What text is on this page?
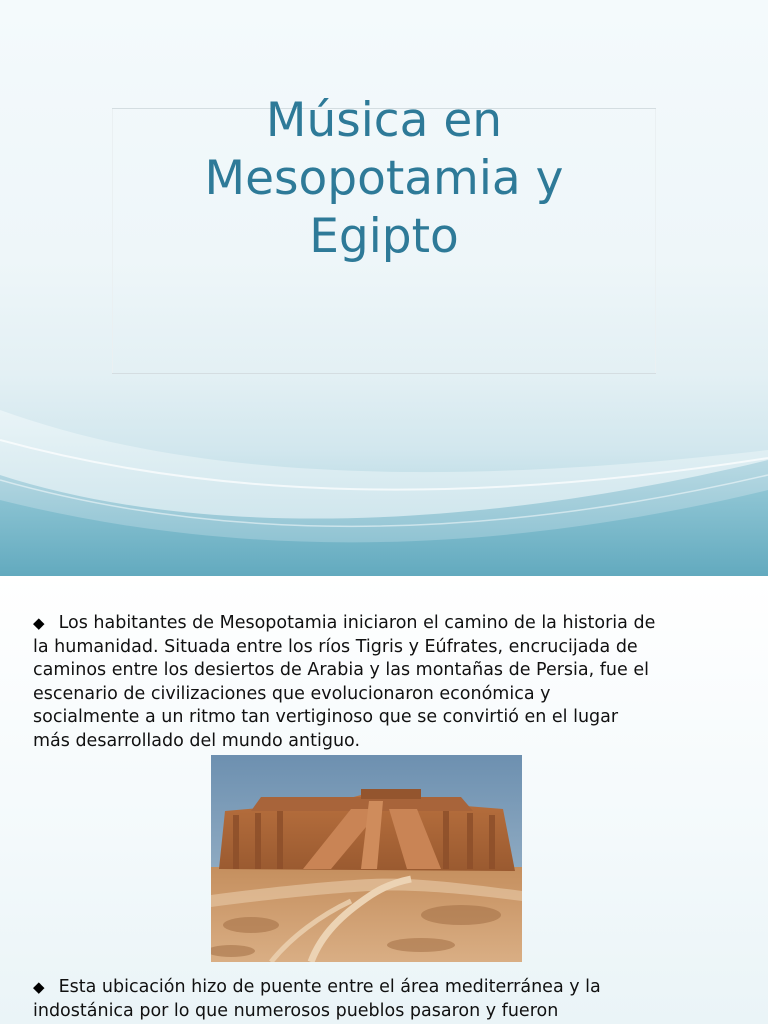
Música en
Mesopotamia y
Egipto
◆ Los habitantes de Mesopotamia iniciaron el camino de la historia de
la humanidad. Situada entre los ríos Tigris y Eúfrates, encrucijada de
caminos entre los desiertos de Arabia y las montañas de Persia, fue el
escenario de civilizaciones que evolucionaron económica y
socialmente a un ritmo tan vertiginoso que se convirtió en el lugar
más desarrollado del mundo antiguo.
◆ Esta ubicación hizo de puente entre el área mediterránea y la
indostánica por lo que numerosos pueblos pasaron y fueron
